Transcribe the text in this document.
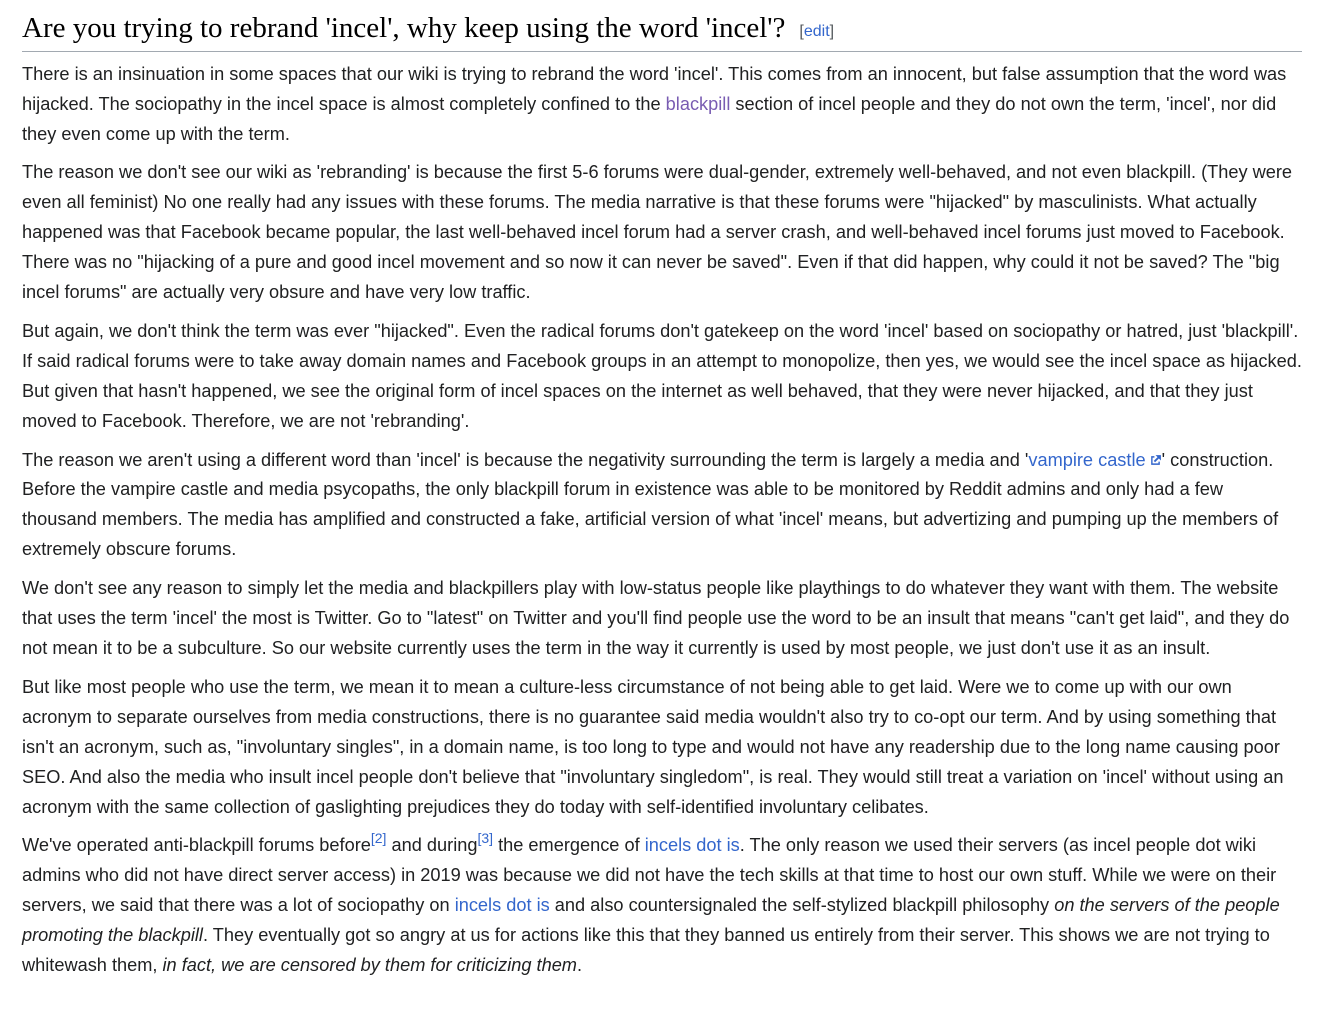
Are you trying to rebrand 'incel', why keep using the word 'incel'? [edit]

There is an insinuation in some spaces that our wiki is trying to rebrand the word 'incel'. This comes from an innocent, but false assumption that the word was hijacked. The sociopathy in the incel space is almost completely confined to the blackpill section of incel people and they do not own the term, 'incel', nor did they even come up with the term.

The reason we don't see our wiki as 'rebranding' is because the first 5-6 forums were dual-gender, extremely well-behaved, and not even blackpill. (They were even all feminist) No one really had any issues with these forums. The media narrative is that these forums were "hijacked" by masculinists. What actually happened was that Facebook became popular, the last well-behaved incel forum had a server crash, and well-behaved incel forums just moved to Facebook. There was no "hijacking of a pure and good incel movement and so now it can never be saved". Even if that did happen, why could it not be saved? The "big incel forums" are actually very obsure and have very low traffic.

But again, we don't think the term was ever "hijacked". Even the radical forums don't gatekeep on the word 'incel' based on sociopathy or hatred, just 'blackpill'. If said radical forums were to take away domain names and Facebook groups in an attempt to monopolize, then yes, we would see the incel space as hijacked. But given that hasn't happened, we see the original form of incel spaces on the internet as well behaved, that they were never hijacked, and that they just moved to Facebook. Therefore, we are not 'rebranding'.

The reason we aren't using a different word than 'incel' is because the negativity surrounding the term is largely a media and 'vampire castle ' construction. Before the vampire castle and media psycopaths, the only blackpill forum in existence was able to be monitored by Reddit admins and only had a few thousand members. The media has amplified and constructed a fake, artificial version of what 'incel' means, but advertizing and pumping up the members of extremely obscure forums.

We don't see any reason to simply let the media and blackpillers play with low-status people like playthings to do whatever they want with them. The website that uses the term 'incel' the most is Twitter. Go to "latest" on Twitter and you'll find people use the word to be an insult that means "can't get laid", and they do not mean it to be a subculture. So our website currently uses the term in the way it currently is used by most people, we just don't use it as an insult.

But like most people who use the term, we mean it to mean a culture-less circumstance of not being able to get laid. Were we to come up with our own acronym to separate ourselves from media constructions, there is no guarantee said media wouldn't also try to co-opt our term. And by using something that isn't an acronym, such as, "involuntary singles", in a domain name, is too long to type and would not have any readership due to the long name causing poor SEO. And also the media who insult incel people don't believe that "involuntary singledom", is real. They would still treat a variation on 'incel' without using an acronym with the same collection of gaslighting prejudices they do today with self-identified involuntary celibates.

We've operated anti-blackpill forums before[2] and during[3] the emergence of incels dot is. The only reason we used their servers (as incel people dot wiki admins who did not have direct server access) in 2019 was because we did not have the tech skills at that time to host our own stuff. While we were on their servers, we said that there was a lot of sociopathy on incels dot is and also countersignaled the self-stylized blackpill philosophy on the servers of the people promoting the blackpill. They eventually got so angry at us for actions like this that they banned us entirely from their server. This shows we are not trying to whitewash them, in fact, we are censored by them for criticizing them.
